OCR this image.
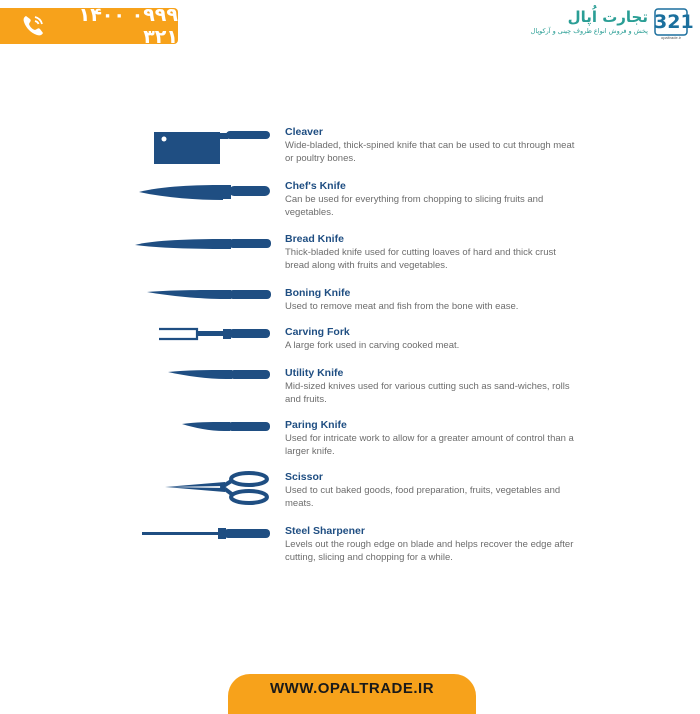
۰۹۹۹ ۱۴۰۰ ۳۲۱
تجارت اُپال
پخش و فروش انواع ظروف چینی و آرکوپال 321
opaltrade.ir
Cleaver
Wide-bladed, thick-spined knife that can be used to cut through meat or poultry bones.
Chef's Knife
Can be used for everything from chopping to slicing fruits and vegetables.
Bread Knife
Thick-bladed knife used for cutting loaves of hard and thick crust bread along with fruits and vegetables.
Boning Knife
Used to remove meat and fish from the bone with ease.
Carving Fork
A large fork used in carving cooked meat.
Utility Knife
Mid-sized knives used for various cutting such as sand-wiches, rolls and fruits.
Paring Knife
Used for intricate work to allow for a greater amount of control than a larger knife.
Scissor
Used to cut baked goods, food preparation, fruits, vegetables and meats.
Steel Sharpener
Levels out the rough edge on blade and helps recover the edge after cutting, slicing and chopping for a while.
WWW.OPALTRADE.IR
